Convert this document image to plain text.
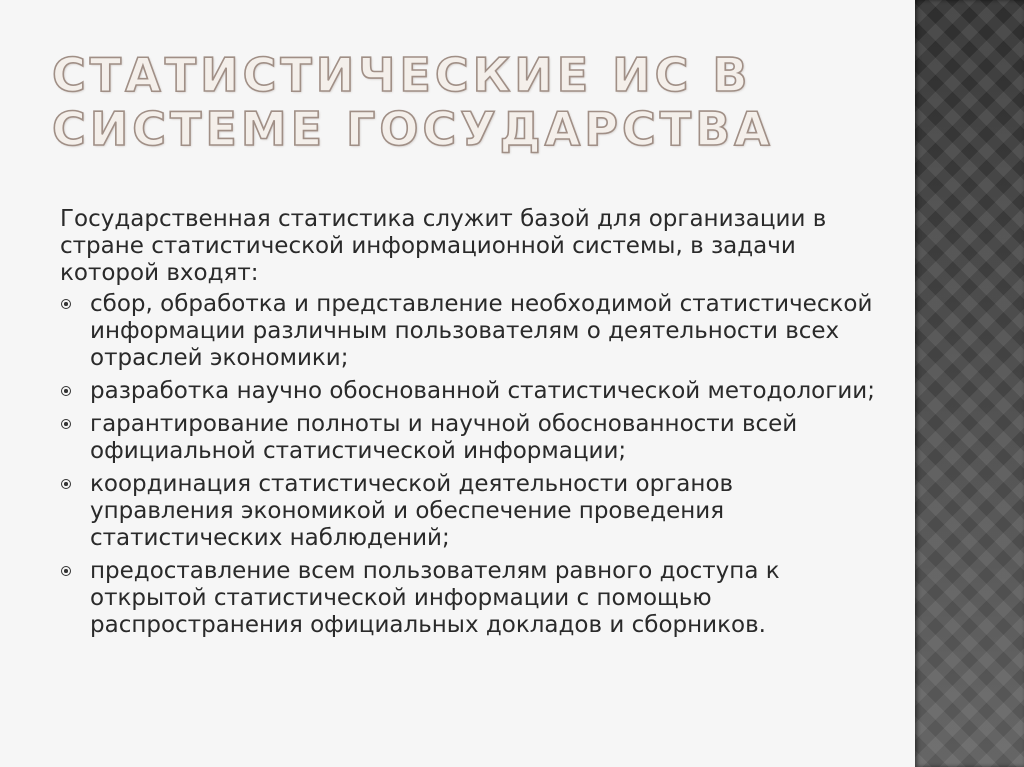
СТАТИСТИЧЕСКИЕ ИС В СИСТЕМЕ ГОСУДАРСТВА

Государственная статистика служит базой для организации в стране статистической информационной системы, в задачи которой входят:

сбор, обработка и представление необходимой статистической информации различным пользователям о деятельности всех отраслей экономики;
разработка научно обоснованной статистической методологии;
гарантирование полноты и научной обоснованности всей официальной статистической информации;
координация статистической деятельности органов управления экономикой и обеспечение проведения статистических наблюдений;
предоставление всем пользователям равного доступа к открытой статистической информации с помощью распространения официальных докладов и сборников.
